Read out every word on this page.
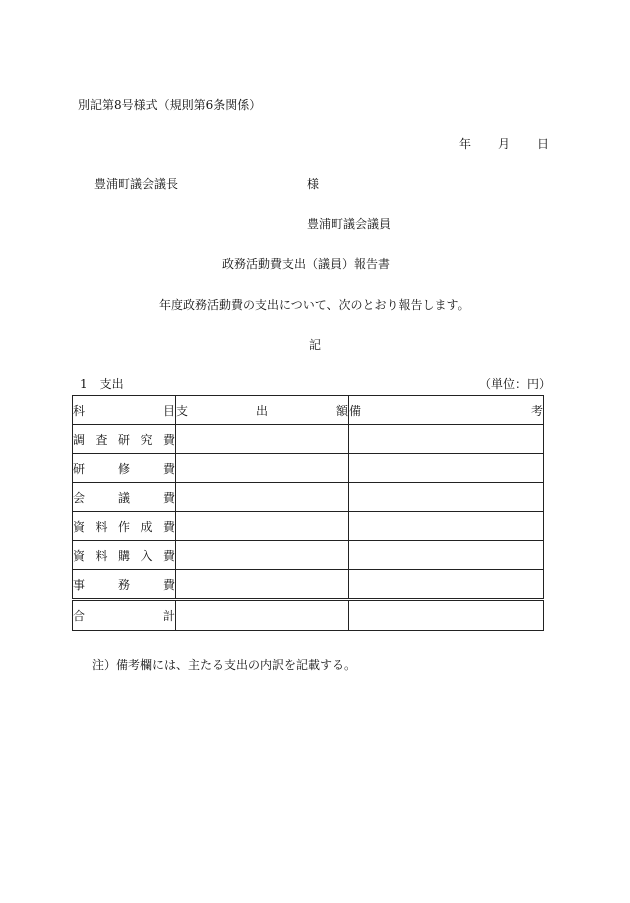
別記第8号様式（規則第6条関係）
年 月 日
豊浦町議会議長	様
豊浦町議会議員
政務活動費支出（議員）報告書
年度政務活動費の支出について、次のとおり報告します。
記
1　支出	（単位：円）
科 目	支 出 額	備 考

調 査 研 究 費		

研 修 費		

会 議 費		

資 料 作 成 費		

資 料 購 入 費		

事 務 費		

合 計		

注）備考欄には、主たる支出の内訳を記載する。
